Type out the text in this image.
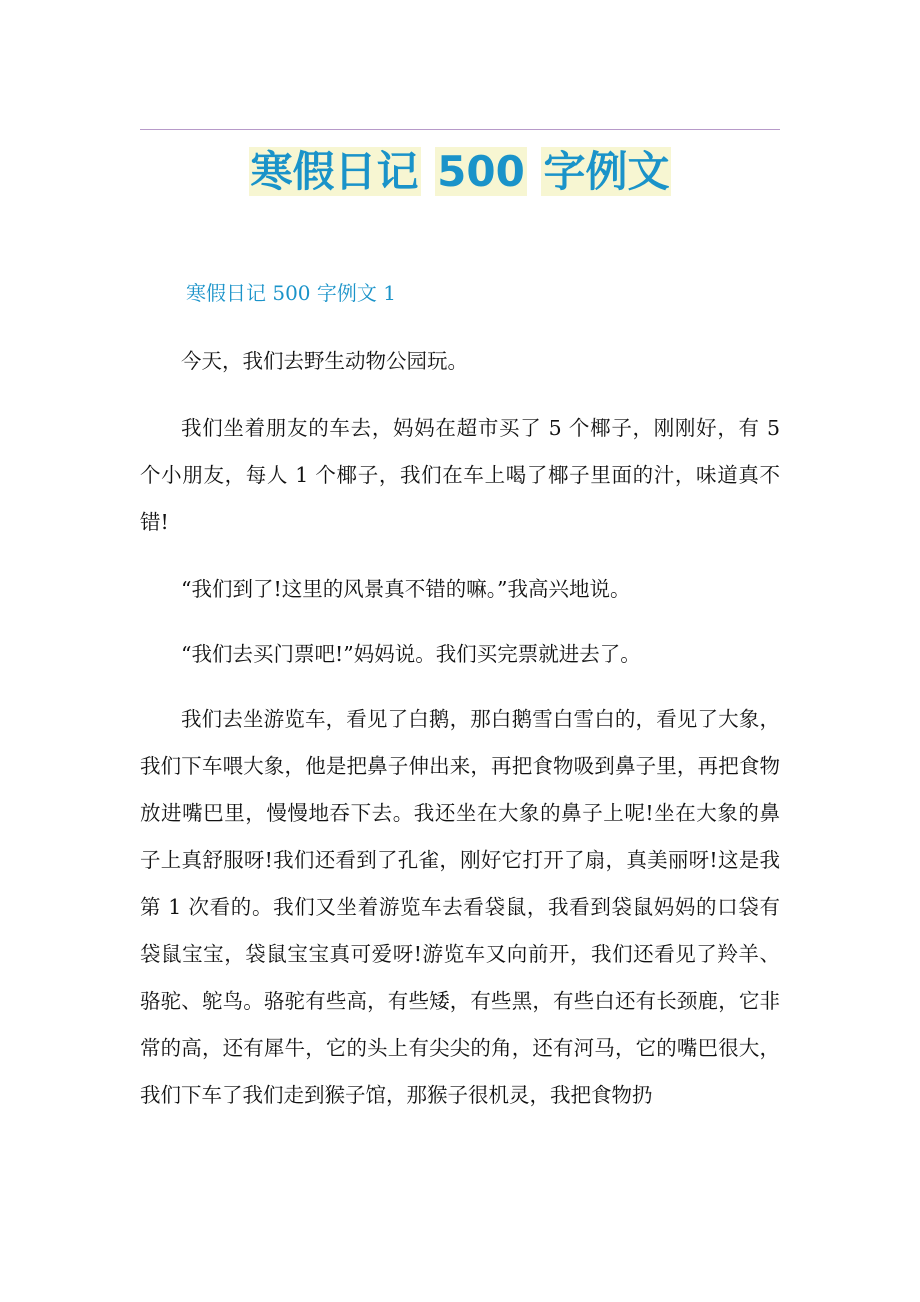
寒假日记 500 字例文
寒假日记 500 字例文 1

今天，我们去野生动物公园玩。

我们坐着朋友的车去，妈妈在超市买了 5 个椰子，刚刚好，有 5 个小朋友，每人 1 个椰子，我们在车上喝了椰子里面的汁，味道真不错!

“我们到了!这里的风景真不错的嘛。”我高兴地说。

“我们去买门票吧!”妈妈说。我们买完票就进去了。

我们去坐游览车，看见了白鹅，那白鹅雪白雪白的，看见了大象，我们下车喂大象，他是把鼻子伸出来，再把食物吸到鼻子里，再把食物放进嘴巴里，慢慢地吞下去。我还坐在大象的鼻子上呢!坐在大象的鼻子上真舒服呀!我们还看到了孔雀，刚好它打开了扇，真美丽呀!这是我第 1 次看的。我们又坐着游览车去看袋鼠，我看到袋鼠妈妈的口袋有袋鼠宝宝，袋鼠宝宝真可爱呀!游览车又向前开，我们还看见了羚羊、骆驼、鸵鸟。骆驼有些高，有些矮，有些黑，有些白还有长颈鹿，它非常的高，还有犀牛，它的头上有尖尖的角，还有河马，它的嘴巴很大，我们下车了我们走到猴子馆，那猴子很机灵，我把食物扔
